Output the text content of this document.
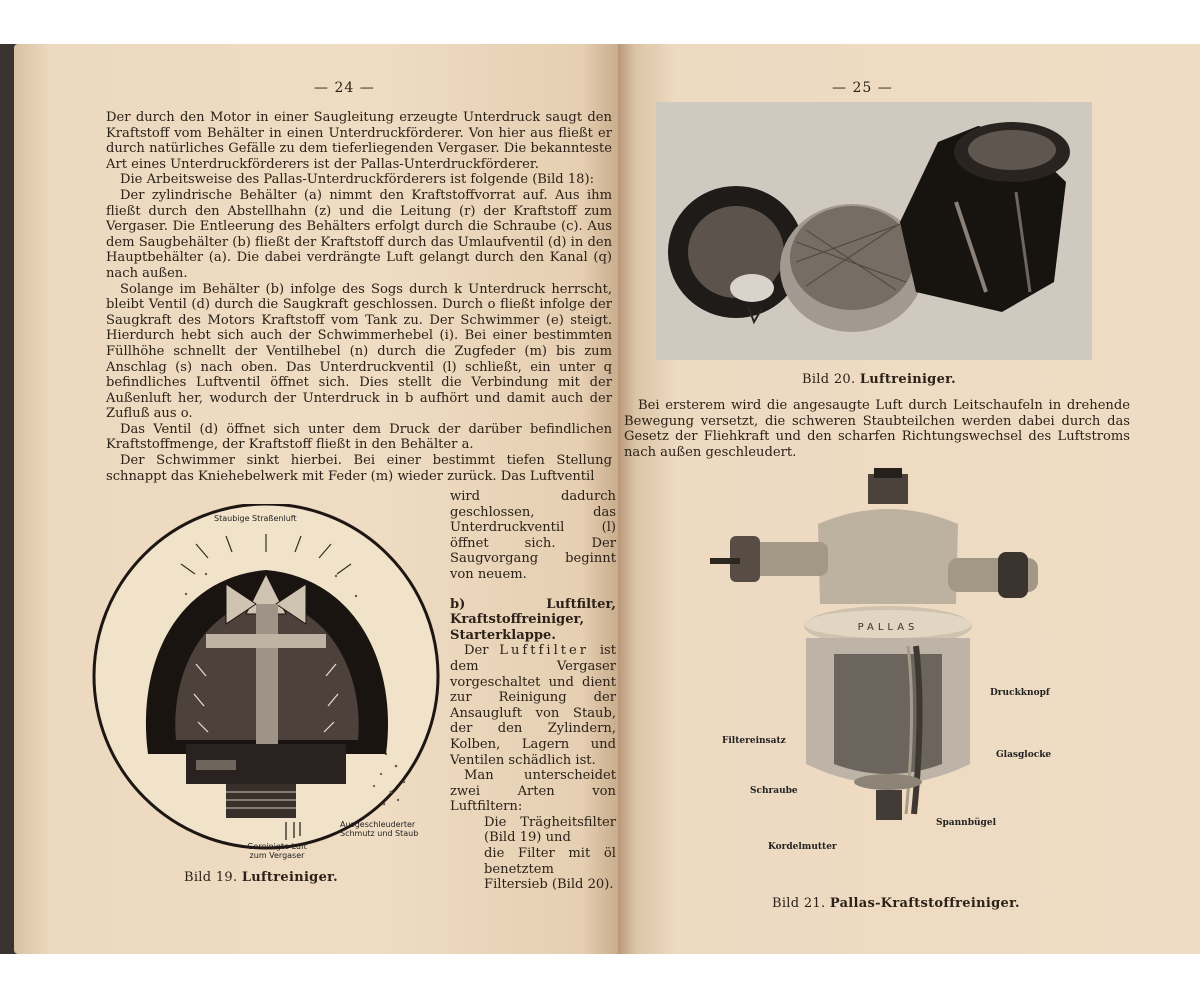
— 24 —

Der durch den Motor in einer Saugleitung erzeugte Unterdruck saugt den Kraftstoff vom Behälter in einen Unterdruckförderer. Von hier aus fließt er durch natürliches Gefälle zu dem tieferliegenden Vergaser. Die bekannteste Art eines Unterdruckförderers ist der Pallas-Unterdruckförderer.

Die Arbeitsweise des Pallas-Unterdruckförderers ist folgende (Bild 18):

Der zylindrische Behälter (a) nimmt den Kraftstoffvorrat auf. Aus ihm fließt durch den Abstellhahn (z) und die Leitung (r) der Kraftstoff zum Vergaser. Die Entleerung des Behälters erfolgt durch die Schraube (c). Aus dem Saugbehälter (b) fließt der Kraftstoff durch das Umlaufventil (d) in den Hauptbehälter (a). Die dabei verdrängte Luft gelangt durch den Kanal (q) nach außen.

Solange im Behälter (b) infolge des Sogs durch k Unterdruck herrscht, bleibt Ventil (d) durch die Saugkraft geschlossen. Durch o fließt infolge der Saugkraft des Motors Kraftstoff vom Tank zu. Der Schwimmer (e) steigt. Hierdurch hebt sich auch der Schwimmerhebel (i). Bei einer bestimmten Füllhöhe schnellt der Ventilhebel (n) durch die Zugfeder (m) bis zum Anschlag (s) nach oben. Das Unterdruckventil (l) schließt, ein unter q befindliches Luftventil öffnet sich. Dies stellt die Verbindung mit der Außenluft her, wodurch der Unterdruck in b aufhört und damit auch der Zufluß aus o.

Das Ventil (d) öffnet sich unter dem Druck der darüber befindlichen Kraftstoffmenge, der Kraftstoff fließt in den Behälter a.

Der Schwimmer sinkt hierbei. Bei einer bestimmt tiefen Stellung schnappt das Kniehebelwerk mit Feder (m) wieder zurück. Das Luftventil

Staubige Straßenluft
Gereinigte Luft zum Vergaser
Ausgeschleuderter Schmutz und Staub
Bild 19. Luftreiniger.

wird dadurch geschlossen, das Unterdruckventil (l) öffnet sich. Der Saugvorgang beginnt von neuem.

b) Luftfilter, Kraftstoffreiniger, Starterklappe.

Der Luftfilter ist dem Vergaser vorgeschaltet und dient zur Reinigung der Ansaugluft von Staub, der den Zylindern, Kolben, Lagern und Ventilen schädlich ist.

Man unterscheidet zwei Arten von Luftfiltern:

Die Trägheitsfilter (Bild 19) und

die Filter mit öl benetztem Filtersieb (Bild 20).

— 25 —
Bild 20. Luftreiniger.

Bei ersterem wird die angesaugte Luft durch Leitschaufeln in drehende Bewegung versetzt, die schweren Staubteilchen werden dabei durch das Gesetz der Fliehkraft und den scharfen Richtungswechsel des Luftstroms nach außen geschleudert.

PALLAS
Druckknopf
Glasglocke
Filtereinsatz
Schraube
Spannbügel
Kordelmutter
Bild 21. Pallas-Kraftstoffreiniger.
